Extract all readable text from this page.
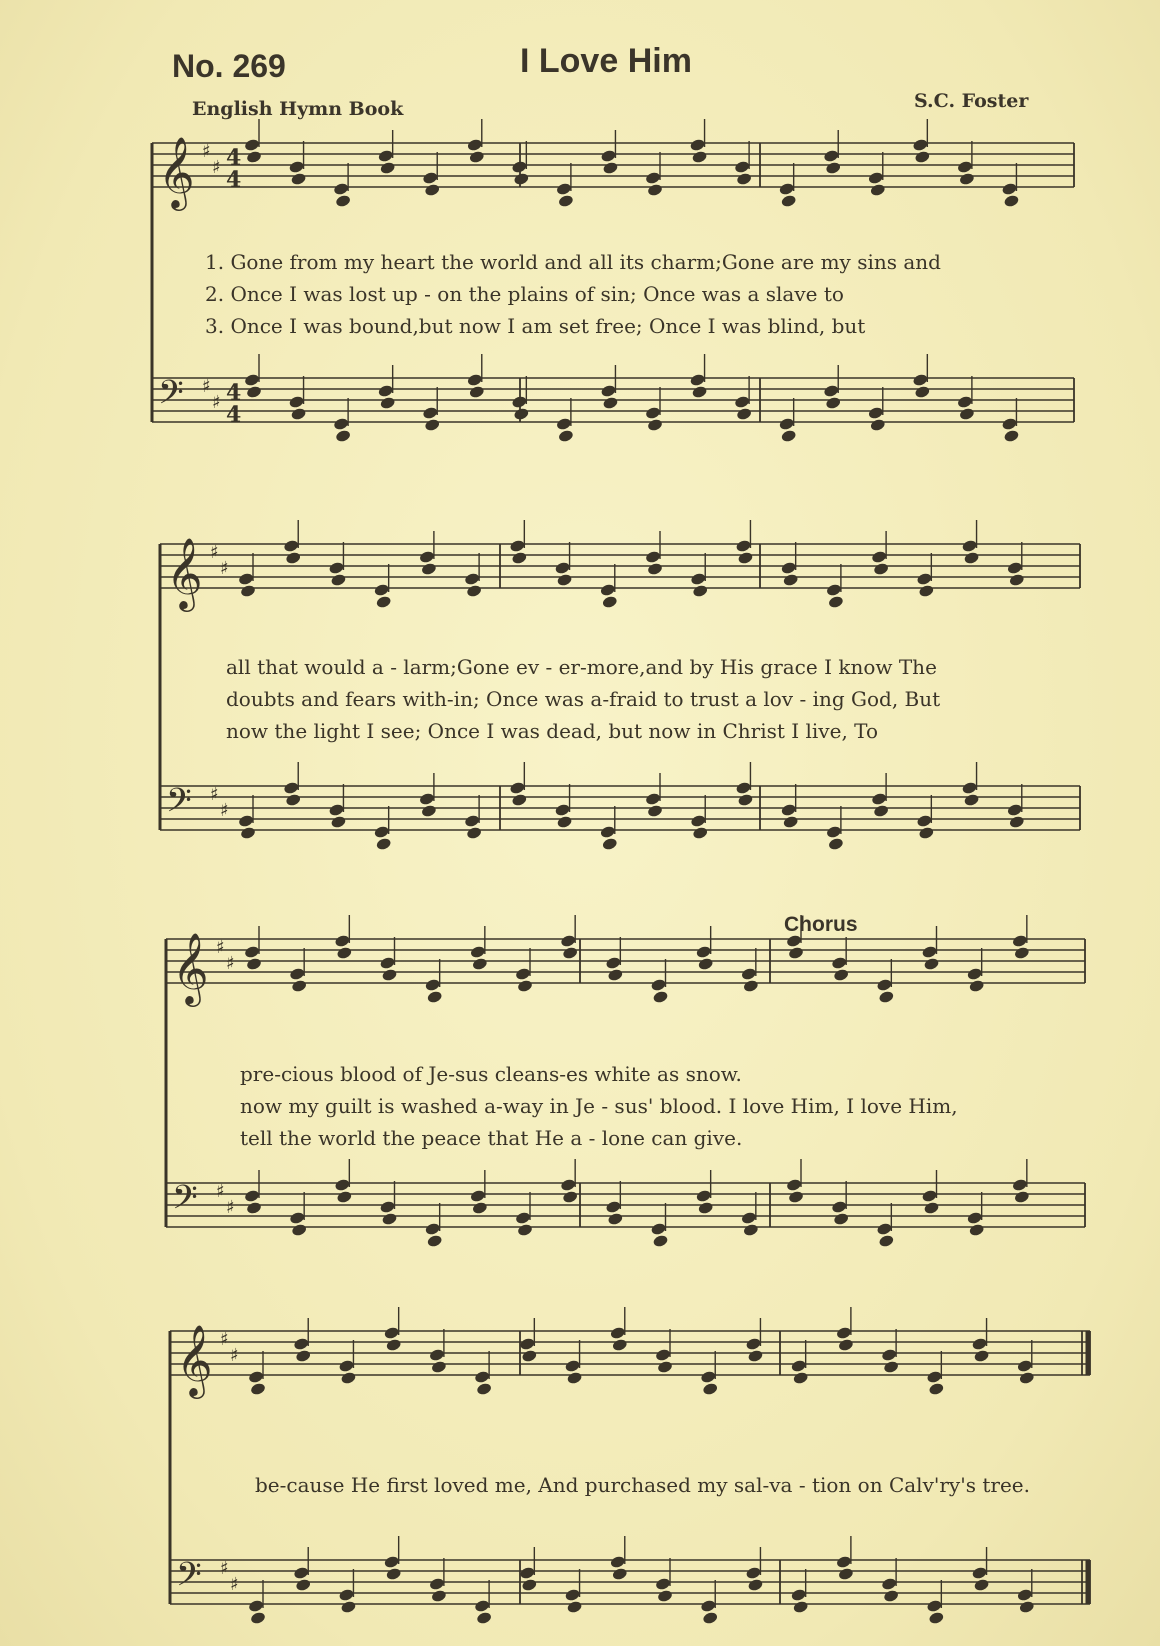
No. 269	I Love Him
English Hymn Book	S.C. Foster
𝄞 ♯
♯ 4
4
𝄢 ♯
♯ 4
4
𝄞 ♯
♯
𝄢 ♯
♯
𝄞 ♯
♯
𝄢 ♯
♯
𝄞 ♯
♯
𝄢 ♯
♯
1. Gone from my heart the world and all its charm;Gone are my sins and
2. Once I was lost up - on the plains of sin; Once was a slave to
3. Once I was bound,but now I am set free; Once I was blind, but
all that would a - larm;Gone ev - er-more,and by His grace I know The
doubts and fears with-in; Once was a-fraid to trust a lov - ing God, But
now the light I see; Once I was dead, but now in Christ I live, To
Chorus
pre-cious blood of Je-sus cleans-es white as snow.
now my guilt is washed a-way in Je - sus' blood. I love Him, I love Him,
tell the world the peace that He a - lone can give.
be-cause He first loved me, And purchased my sal-va - tion on Calv'ry's tree.
